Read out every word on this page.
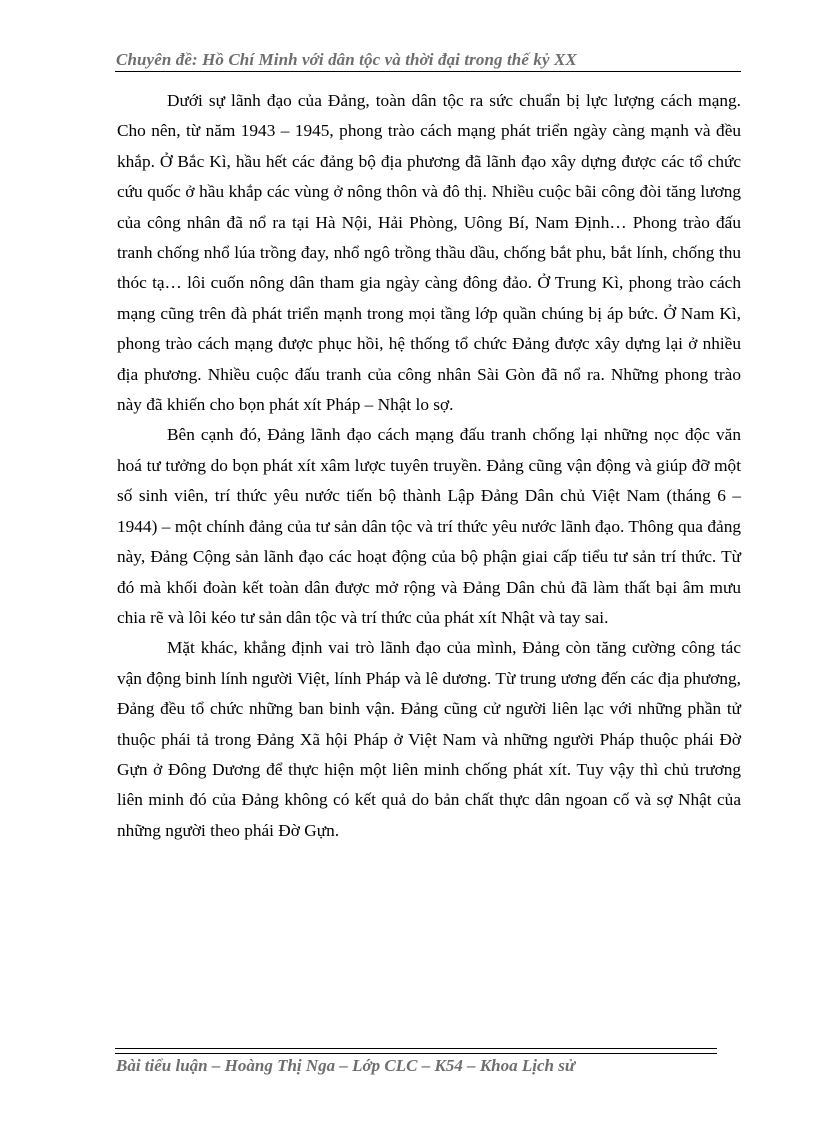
Chuyên đề: Hồ Chí Minh với dân tộc và thời đại trong thế kỷ XX

Dưới sự lãnh đạo của Đảng, toàn dân tộc ra sức chuẩn bị lực lượng cách mạng. Cho nên, từ năm 1943 – 1945, phong trào cách mạng phát triển ngày càng mạnh và đều khắp. Ở Bắc Kì, hầu hết các đảng bộ địa phương đã lãnh đạo xây dựng được các tổ chức cứu quốc ở hầu khắp các vùng ở nông thôn và đô thị. Nhiều cuộc bãi công đòi tăng lương của công nhân đã nổ ra tại Hà Nội, Hải Phòng, Uông Bí, Nam Định… Phong trào đấu tranh chống nhổ lúa trồng đay, nhổ ngô trồng thầu dầu, chống bắt phu, bắt lính, chống thu thóc tạ… lôi cuốn nông dân tham gia ngày càng đông đảo. Ở Trung Kì, phong trào cách mạng cũng trên đà phát triển mạnh trong mọi tầng lớp quần chúng bị áp bức. Ở Nam Kì, phong trào cách mạng được phục hồi, hệ thống tổ chức Đảng được xây dựng lại ở nhiều địa phương. Nhiều cuộc đấu tranh của công nhân Sài Gòn đã nổ ra. Những phong trào này đã khiến cho bọn phát xít Pháp – Nhật lo sợ.

Bên cạnh đó, Đảng lãnh đạo cách mạng đấu tranh chống lại những nọc độc văn hoá tư tưởng do bọn phát xít xâm lược tuyên truyền. Đảng cũng vận động và giúp đỡ một số sinh viên, trí thức yêu nước tiến bộ thành Lập Đảng Dân chủ Việt Nam (tháng 6 – 1944) – một chính đảng của tư sản dân tộc và trí thức yêu nước lãnh đạo. Thông qua đảng này, Đảng Cộng sản lãnh đạo các hoạt động của bộ phận giai cấp tiểu tư sản trí thức. Từ đó mà khối đoàn kết toàn dân được mở rộng và Đảng Dân chủ đã làm thất bại âm mưu chia rẽ và lôi kéo tư sản dân tộc và trí thức của phát xít Nhật và tay sai.

Mặt khác, khẳng định vai trò lãnh đạo của mình, Đảng còn tăng cường công tác vận động binh lính người Việt, lính Pháp và lê dương. Từ trung ương đến các địa phương, Đảng đều tổ chức những ban binh vận. Đảng cũng cử người liên lạc với những phần tử thuộc phái tả trong Đảng Xã hội Pháp ở Việt Nam và những người Pháp thuộc phái Đờ Gựn ở Đông Dương để thực hiện một liên minh chống phát xít. Tuy vậy thì chủ trương liên minh đó của Đảng không có kết quả do bản chất thực dân ngoan cố và sợ Nhật của những người theo phái Đờ Gựn.

Bài tiểu luận – Hoàng Thị Nga – Lớp CLC – K54 – Khoa Lịch sử
